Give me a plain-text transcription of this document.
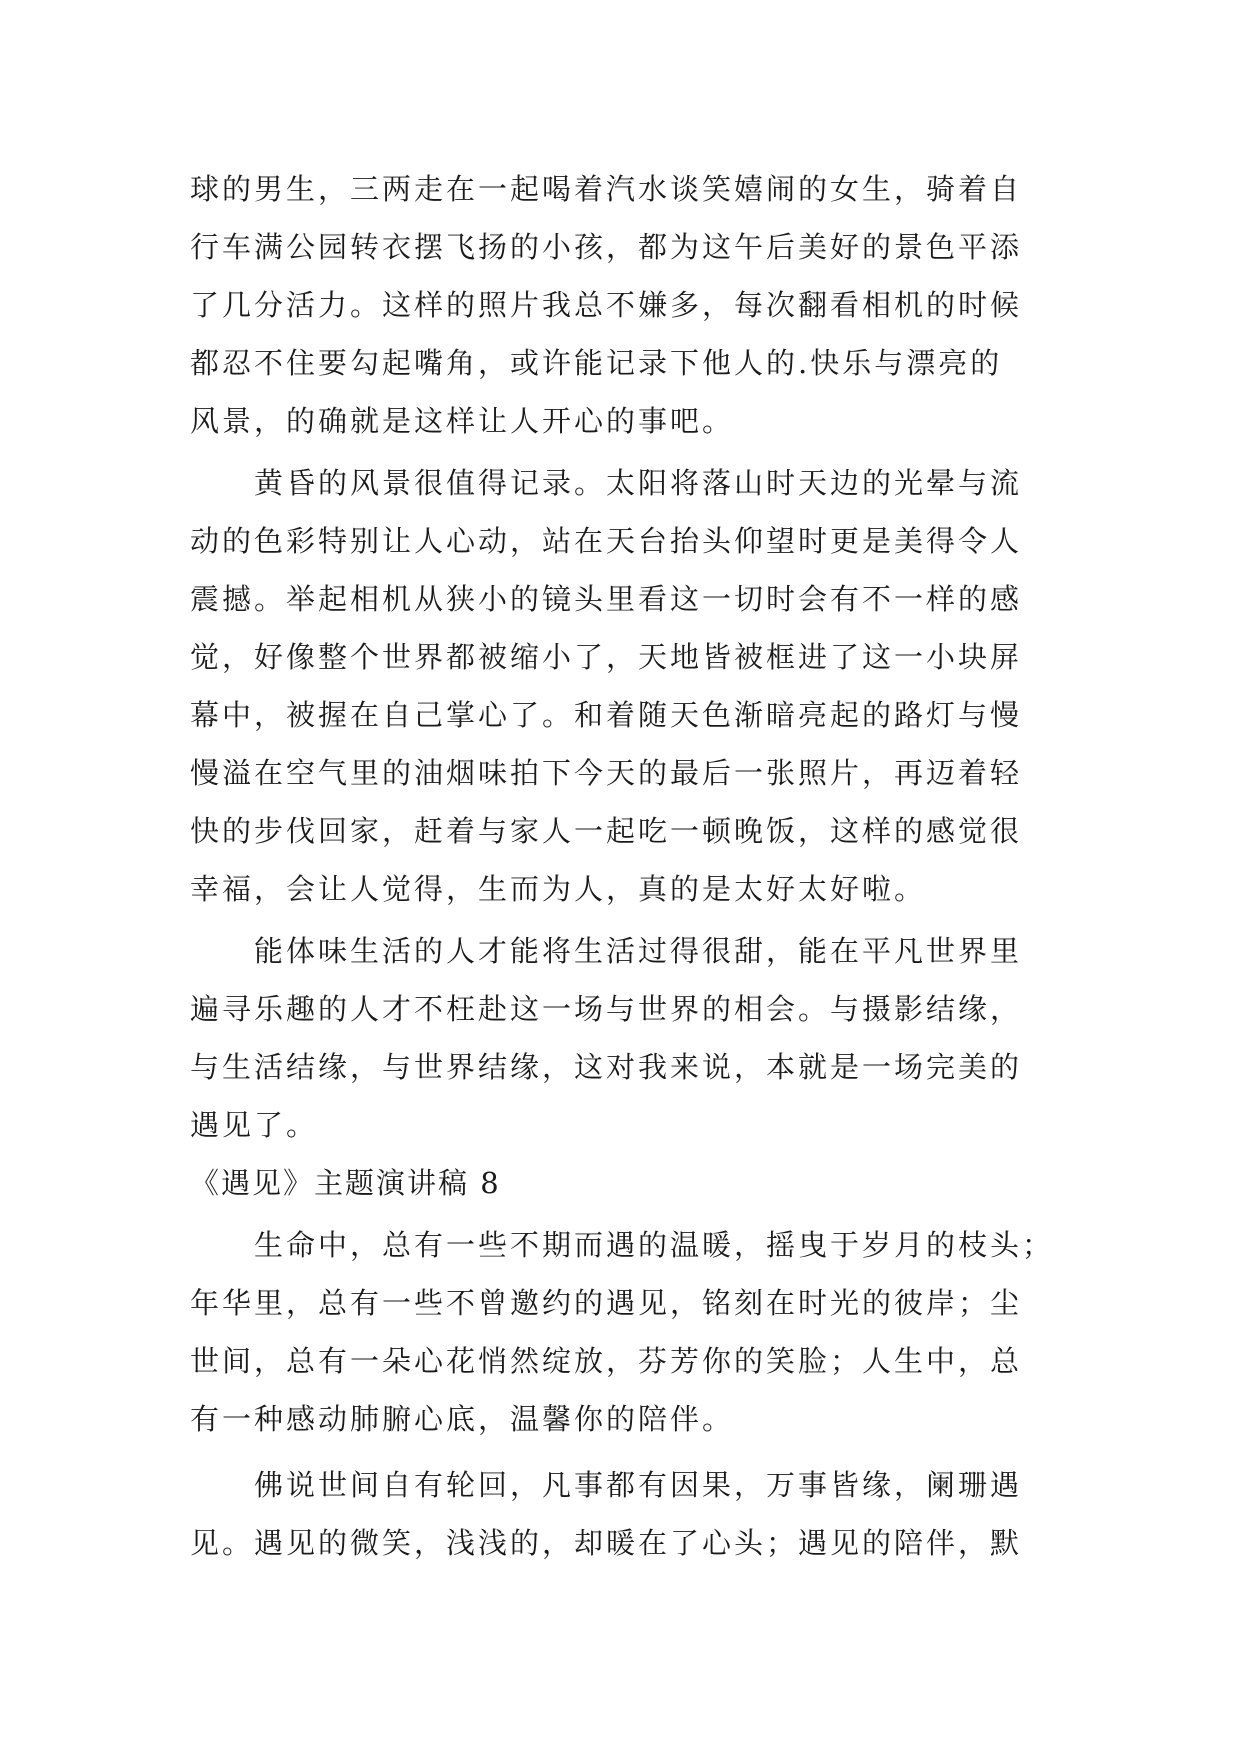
球的男生，三两走在一起喝着汽水谈笑嬉闹的女生，骑着自
行车满公园转衣摆飞扬的小孩，都为这午后美好的景色平添
了几分活力。这样的照片我总不嫌多，每次翻看相机的时候
都忍不住要勾起嘴角，或许能记录下他人的.快乐与漂亮的
风景，的确就是这样让人开心的事吧。
黄昏的风景很值得记录。太阳将落山时天边的光晕与流
动的色彩特别让人心动，站在天台抬头仰望时更是美得令人
震撼。举起相机从狭小的镜头里看这一切时会有不一样的感
觉，好像整个世界都被缩小了，天地皆被框进了这一小块屏
幕中，被握在自己掌心了。和着随天色渐暗亮起的路灯与慢
慢溢在空气里的油烟味拍下今天的最后一张照片，再迈着轻
快的步伐回家，赶着与家人一起吃一顿晚饭，这样的感觉很
幸福，会让人觉得，生而为人，真的是太好太好啦。
能体味生活的人才能将生活过得很甜，能在平凡世界里
遍寻乐趣的人才不枉赴这一场与世界的相会。与摄影结缘，
与生活结缘，与世界结缘，这对我来说，本就是一场完美的
遇见了。
《遇见》主题演讲稿 8
生命中，总有一些不期而遇的温暖，摇曳于岁月的枝头；
年华里，总有一些不曾邀约的遇见，铭刻在时光的彼岸；尘
世间，总有一朵心花悄然绽放，芬芳你的笑脸；人生中，总
有一种感动肺腑心底，温馨你的陪伴。
佛说世间自有轮回，凡事都有因果，万事皆缘，阑珊遇
见。遇见的微笑，浅浅的，却暖在了心头；遇见的陪伴，默
